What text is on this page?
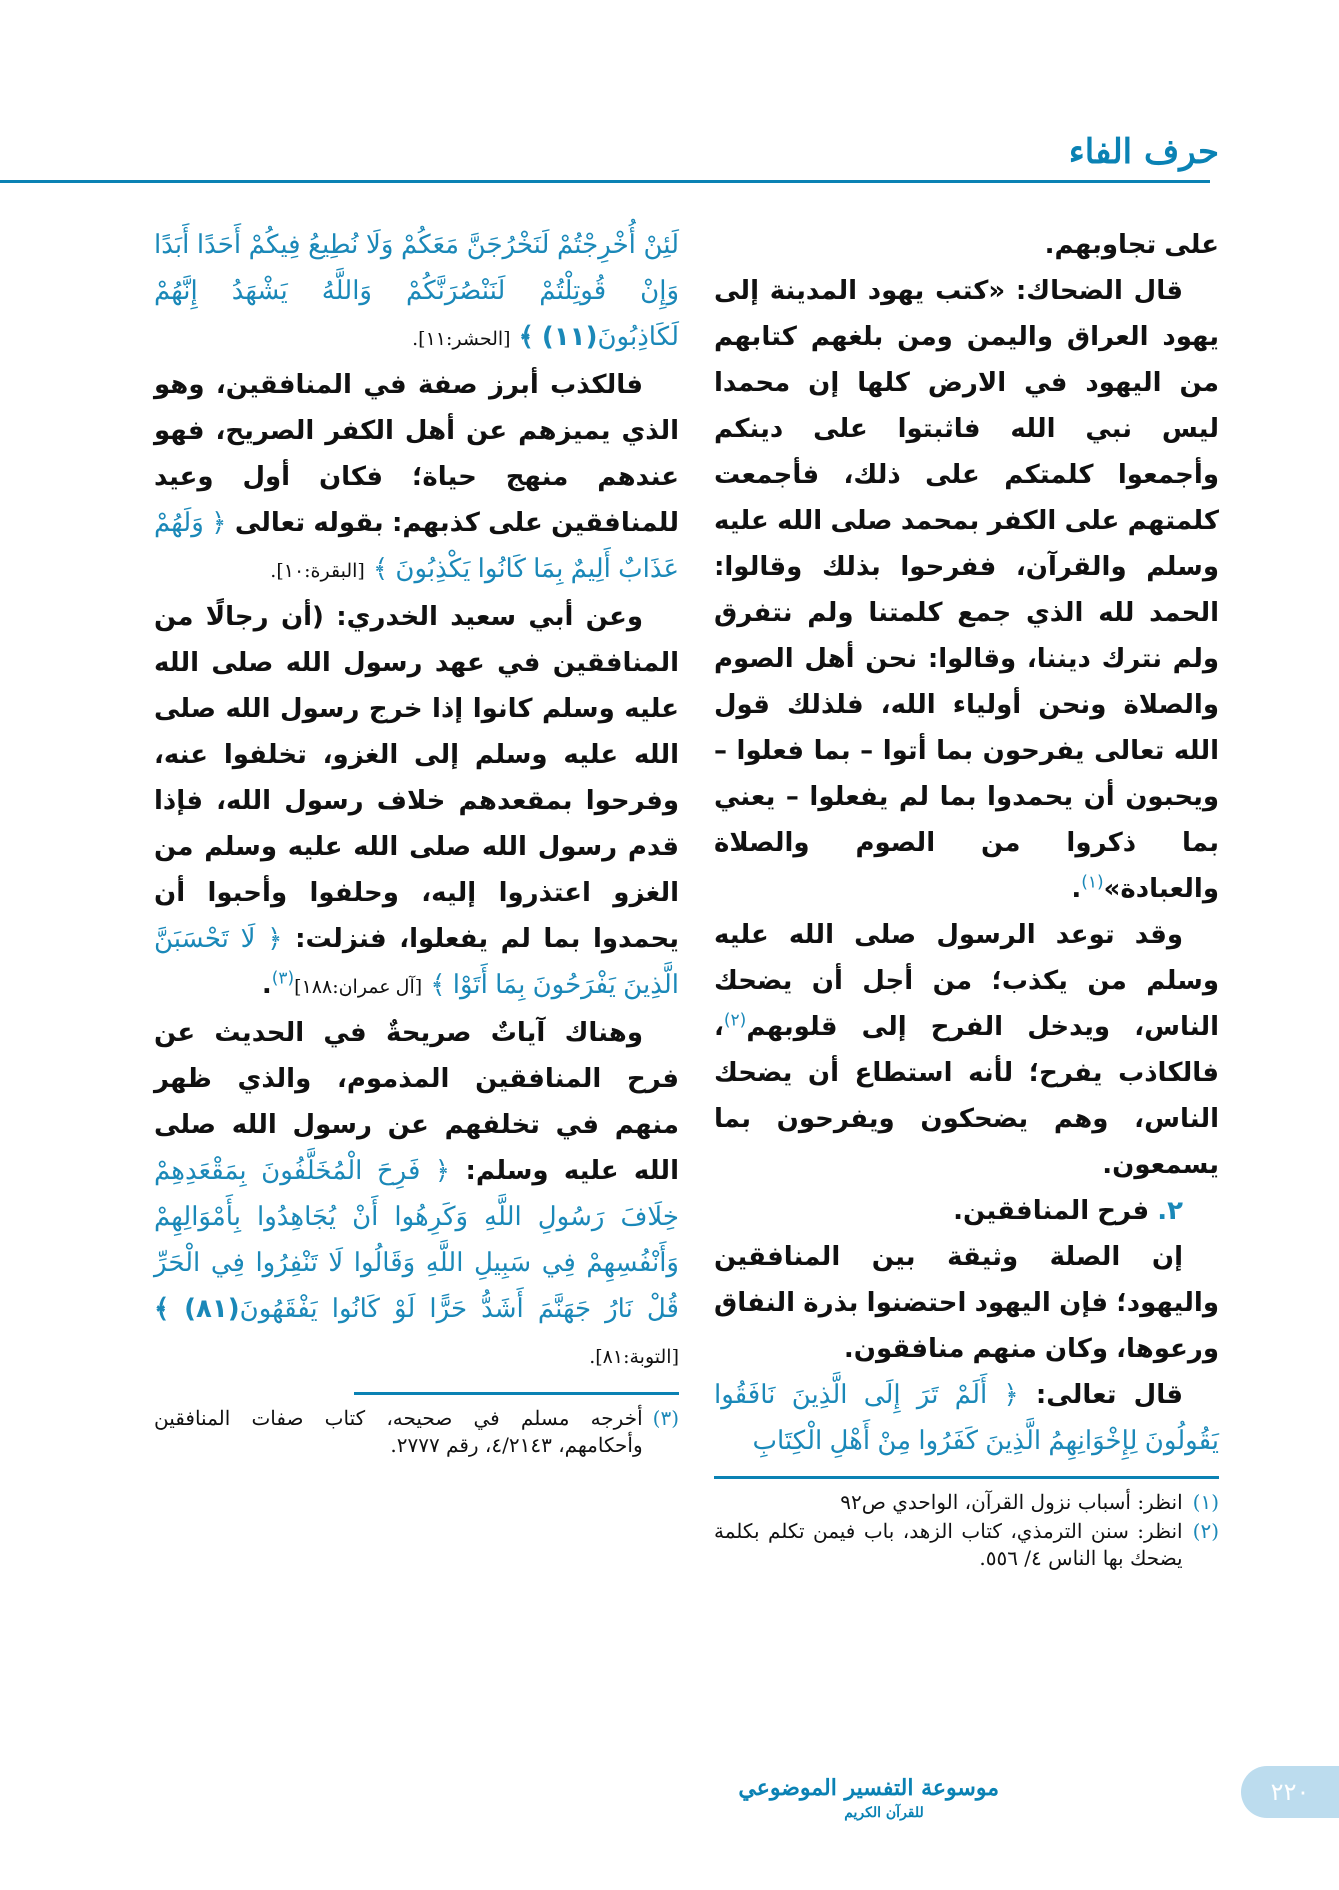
حرف الفاء

على تجاوبهم.

قال الضحاك: «كتب يهود المدينة إلى يهود العراق واليمن ومن بلغهم كتابهم من اليهود في الارض كلها إن محمدا ليس نبي الله فاثبتوا على دينكم وأجمعوا كلمتكم على ذلك، فأجمعت كلمتهم على الكفر بمحمد صلى الله عليه وسلم والقرآن، ففرحوا بذلك وقالوا: الحمد لله الذي جمع كلمتنا ولم نتفرق ولم نترك ديننا، وقالوا: نحن أهل الصوم والصلاة ونحن أولياء الله، فلذلك قول الله تعالى يفرحون بما أتوا – بما فعلوا – ويحبون أن يحمدوا بما لم يفعلوا – يعني بما ذكروا من الصوم والصلاة والعبادة»$^{(١)}$.

وقد توعد الرسول صلى الله عليه وسلم من يكذب؛ من أجل أن يضحك الناس، ويدخل الفرح إلى قلوبهم$^{(٢)}$، فالكاذب يفرح؛ لأنه استطاع أن يضحك الناس، وهم يضحكون ويفرحون بما يسمعون.

٢. فرح المنافقين.

إن الصلة وثيقة بين المنافقين واليهود؛ فإن اليهود احتضنوا بذرة النفاق ورعوها، وكان منهم منافقون.

قال تعالى: ﴿ أَلَمْ تَرَ إِلَى الَّذِينَ نَافَقُوا يَقُولُونَ لِإِخْوَانِهِمُ الَّذِينَ كَفَرُوا مِنْ أَهْلِ الْكِتَابِ

(١)
انظر: أسباب نزول القرآن، الواحدي ص٩٢
(٢)
انظر: سنن الترمذي، كتاب الزهد، باب فيمن تكلم بكلمة يضحك بها الناس ٤/ ٥٥٦.

لَئِنْ أُخْرِجْتُمْ لَنَخْرُجَنَّ مَعَكُمْ وَلَا نُطِيعُ فِيكُمْ أَحَدًا أَبَدًا وَإِنْ قُوتِلْتُمْ لَنَنْصُرَنَّكُمْ وَاللَّهُ يَشْهَدُ إِنَّهُمْ لَكَاذِبُونَ(١١) ﴾ [الحشر:١١].

فالكذب أبرز صفة في المنافقين، وهو الذي يميزهم عن أهل الكفر الصريح، فهو عندهم منهج حياة؛ فكان أول وعيد للمنافقين على كذبهم: بقوله تعالى ﴿ وَلَهُمْ عَذَابٌ أَلِيمٌ بِمَا كَانُوا يَكْذِبُونَ ﴾ [البقرة:١٠].

وعن أبي سعيد الخدري: (أن رجالًا من المنافقين في عهد رسول الله صلى الله عليه وسلم كانوا إذا خرج رسول الله صلى الله عليه وسلم إلى الغزو، تخلفوا عنه، وفرحوا بمقعدهم خلاف رسول الله، فإذا قدم رسول الله صلى الله عليه وسلم من الغزو اعتذروا إليه، وحلفوا وأحبوا أن يحمدوا بما لم يفعلوا، فنزلت: ﴿ لَا تَحْسَبَنَّ الَّذِينَ يَفْرَحُونَ بِمَا أَتَوْا ﴾ [آل عمران:١٨٨]$^{(٣)}$.

وهناك آياتٌ صريحةٌ في الحديث عن فرح المنافقين المذموم، والذي ظهر منهم في تخلفهم عن رسول الله صلى الله عليه وسلم: ﴿ فَرِحَ الْمُخَلَّفُونَ بِمَقْعَدِهِمْ خِلَافَ رَسُولِ اللَّهِ وَكَرِهُوا أَنْ يُجَاهِدُوا بِأَمْوَالِهِمْ وَأَنْفُسِهِمْ فِي سَبِيلِ اللَّهِ وَقَالُوا لَا تَنْفِرُوا فِي الْحَرِّ قُلْ نَارُ جَهَنَّمَ أَشَدُّ حَرًّا لَوْ كَانُوا يَفْقَهُونَ(٨١) ﴾ [التوبة:٨١].

(٣)
أخرجه مسلم في صحيحه، كتاب صفات المنافقين وأحكامهم، ٤/٢١٤٣، رقم ٢٧٧٧.
موسوعة التفسير الموضوعي
للقرآن الكريم
٢٢٠
